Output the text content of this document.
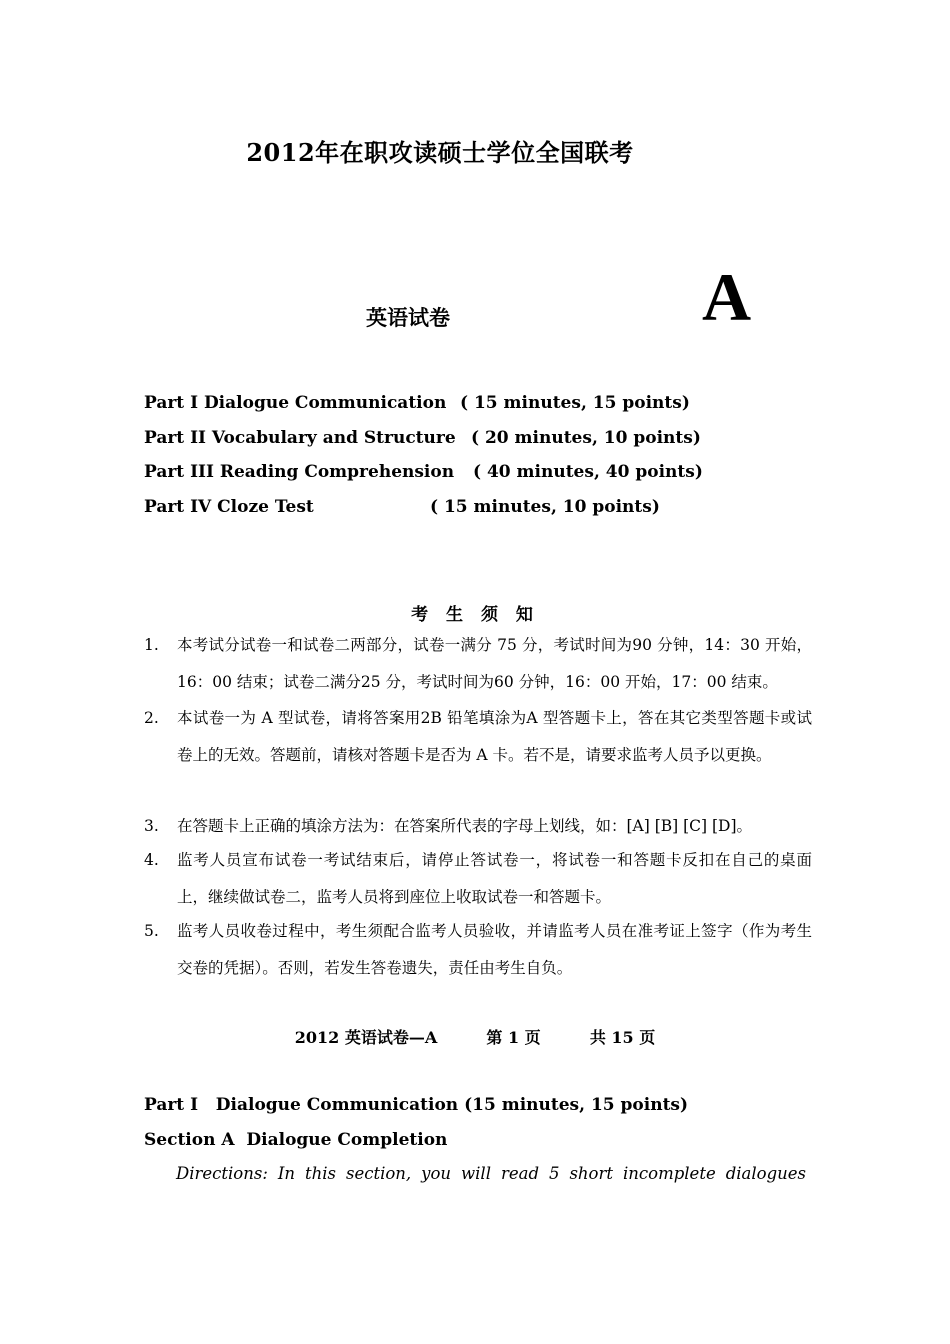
2012年在职攻读硕士学位全国联考
英语试卷	A
Part I Dialogue Communication ( 15 minutes, 15 points)
Part II Vocabulary and Structure ( 20 minutes, 10 points)
Part III Reading Comprehension ( 40 minutes, 40 points)
Part IV Cloze Test	( 15 minutes, 10 points)
考 生 须 知
1.	本考试分试卷一和试卷二两部分，试卷一满分 75 分，考试时间为90 分钟，14：30 开始，16：00 结束；试卷二满分25 分，考试时间为60 分钟，16：00 开始，17：00 结束。
2.	本试卷一为 A 型试卷，请将答案用2B 铅笔填涂为A 型答题卡上，答在其它类型答题卡或试卷上的无效。答题前，请核对答题卡是否为 A 卡。若不是，请要求监考人员予以更换。
3.	在答题卡上正确的填涂方法为：在答案所代表的字母上划线，如：[A] [B] [C] [D]。
4.	监考人员宣布试卷一考试结束后，请停止答试卷一，将试卷一和答题卡反扣在自己的桌面上，继续做试卷二，监考人员将到座位上收取试卷一和答题卡。
5.	监考人员收卷过程中，考生须配合监考人员验收，并请监考人员在准考证上签字（作为考生交卷的凭据）。否则，若发生答卷遗失，责任由考生自负。
2012 英语试卷—A	第 1 页	共 15 页
Part I   Dialogue Communication (15 minutes, 15 points)
Section A  Dialogue Completion
Directions: In this section, you will read 5 short incomplete dialogues
